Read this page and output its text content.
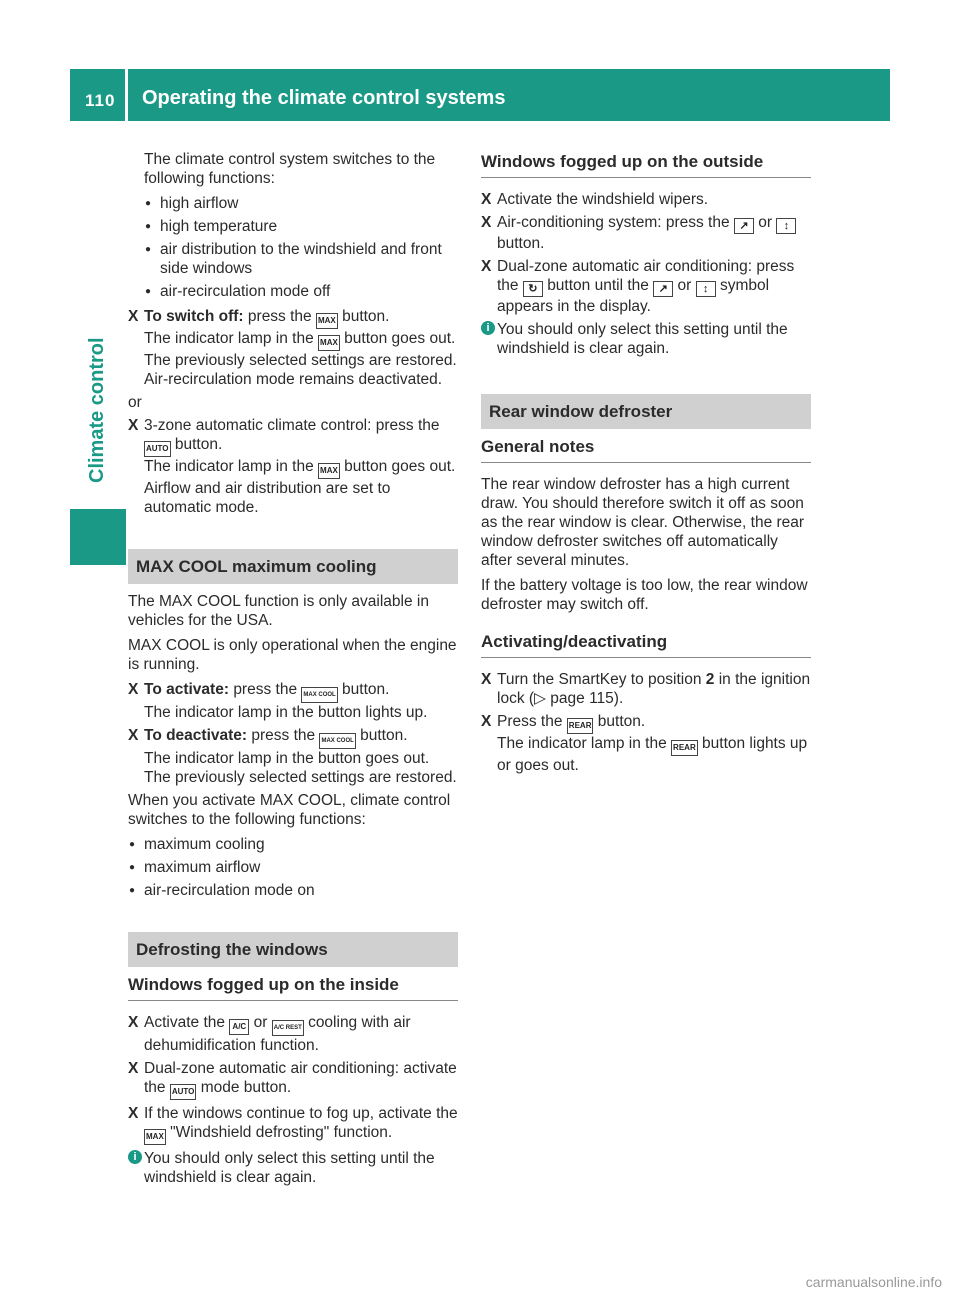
110 Operating the climate control systems
Climate control

The climate control system switches to the following functions:

● high airflow
● high temperature
● air distribution to the windshield and front side windows
● air-recirculation mode off
X To switch off: press the MAX button.
The indicator lamp in the MAX button goes out. The previously selected settings are restored. Air-recirculation mode remains deactivated.

or

X 3-zone automatic climate control: press the AUTO button.
The indicator lamp in the MAX button goes out. Airflow and air distribution are set to automatic mode.
MAX COOL maximum cooling

The MAX COOL function is only available in vehicles for the USA.

MAX COOL is only operational when the engine is running.

X To activate: press the MAX COOL button.
The indicator lamp in the button lights up.
X To deactivate: press the MAX COOL button.
The indicator lamp in the button goes out. The previously selected settings are restored.

When you activate MAX COOL, climate control switches to the following functions:

● maximum cooling
● maximum airflow
● air-recirculation mode on
Defrosting the windows
Windows fogged up on the inside
X Activate the A/C or A/C REST cooling with air dehumidification function.
X Dual-zone automatic air conditioning: activate the AUTO mode button.
X If the windows continue to fog up, activate the MAX "Windshield defrosting" function.
i You should only select this setting until the windshield is clear again.
Windows fogged up on the outside
X Activate the windshield wipers.
X Air-conditioning system: press the ↗ or ↕ button.
X Dual-zone automatic air conditioning: press the ↻ button until the ↗ or ↕ symbol appears in the display.
i You should only select this setting until the windshield is clear again.
Rear window defroster
General notes

The rear window defroster has a high current draw. You should therefore switch it off as soon as the rear window is clear. Otherwise, the rear window defroster switches off automatically after several minutes.

If the battery voltage is too low, the rear window defroster may switch off.

Activating/deactivating
X Turn the SmartKey to position 2 in the ignition lock (▷ page 115).
X Press the REAR button.
The indicator lamp in the REAR button lights up or goes out.
carmanualsonline.info
